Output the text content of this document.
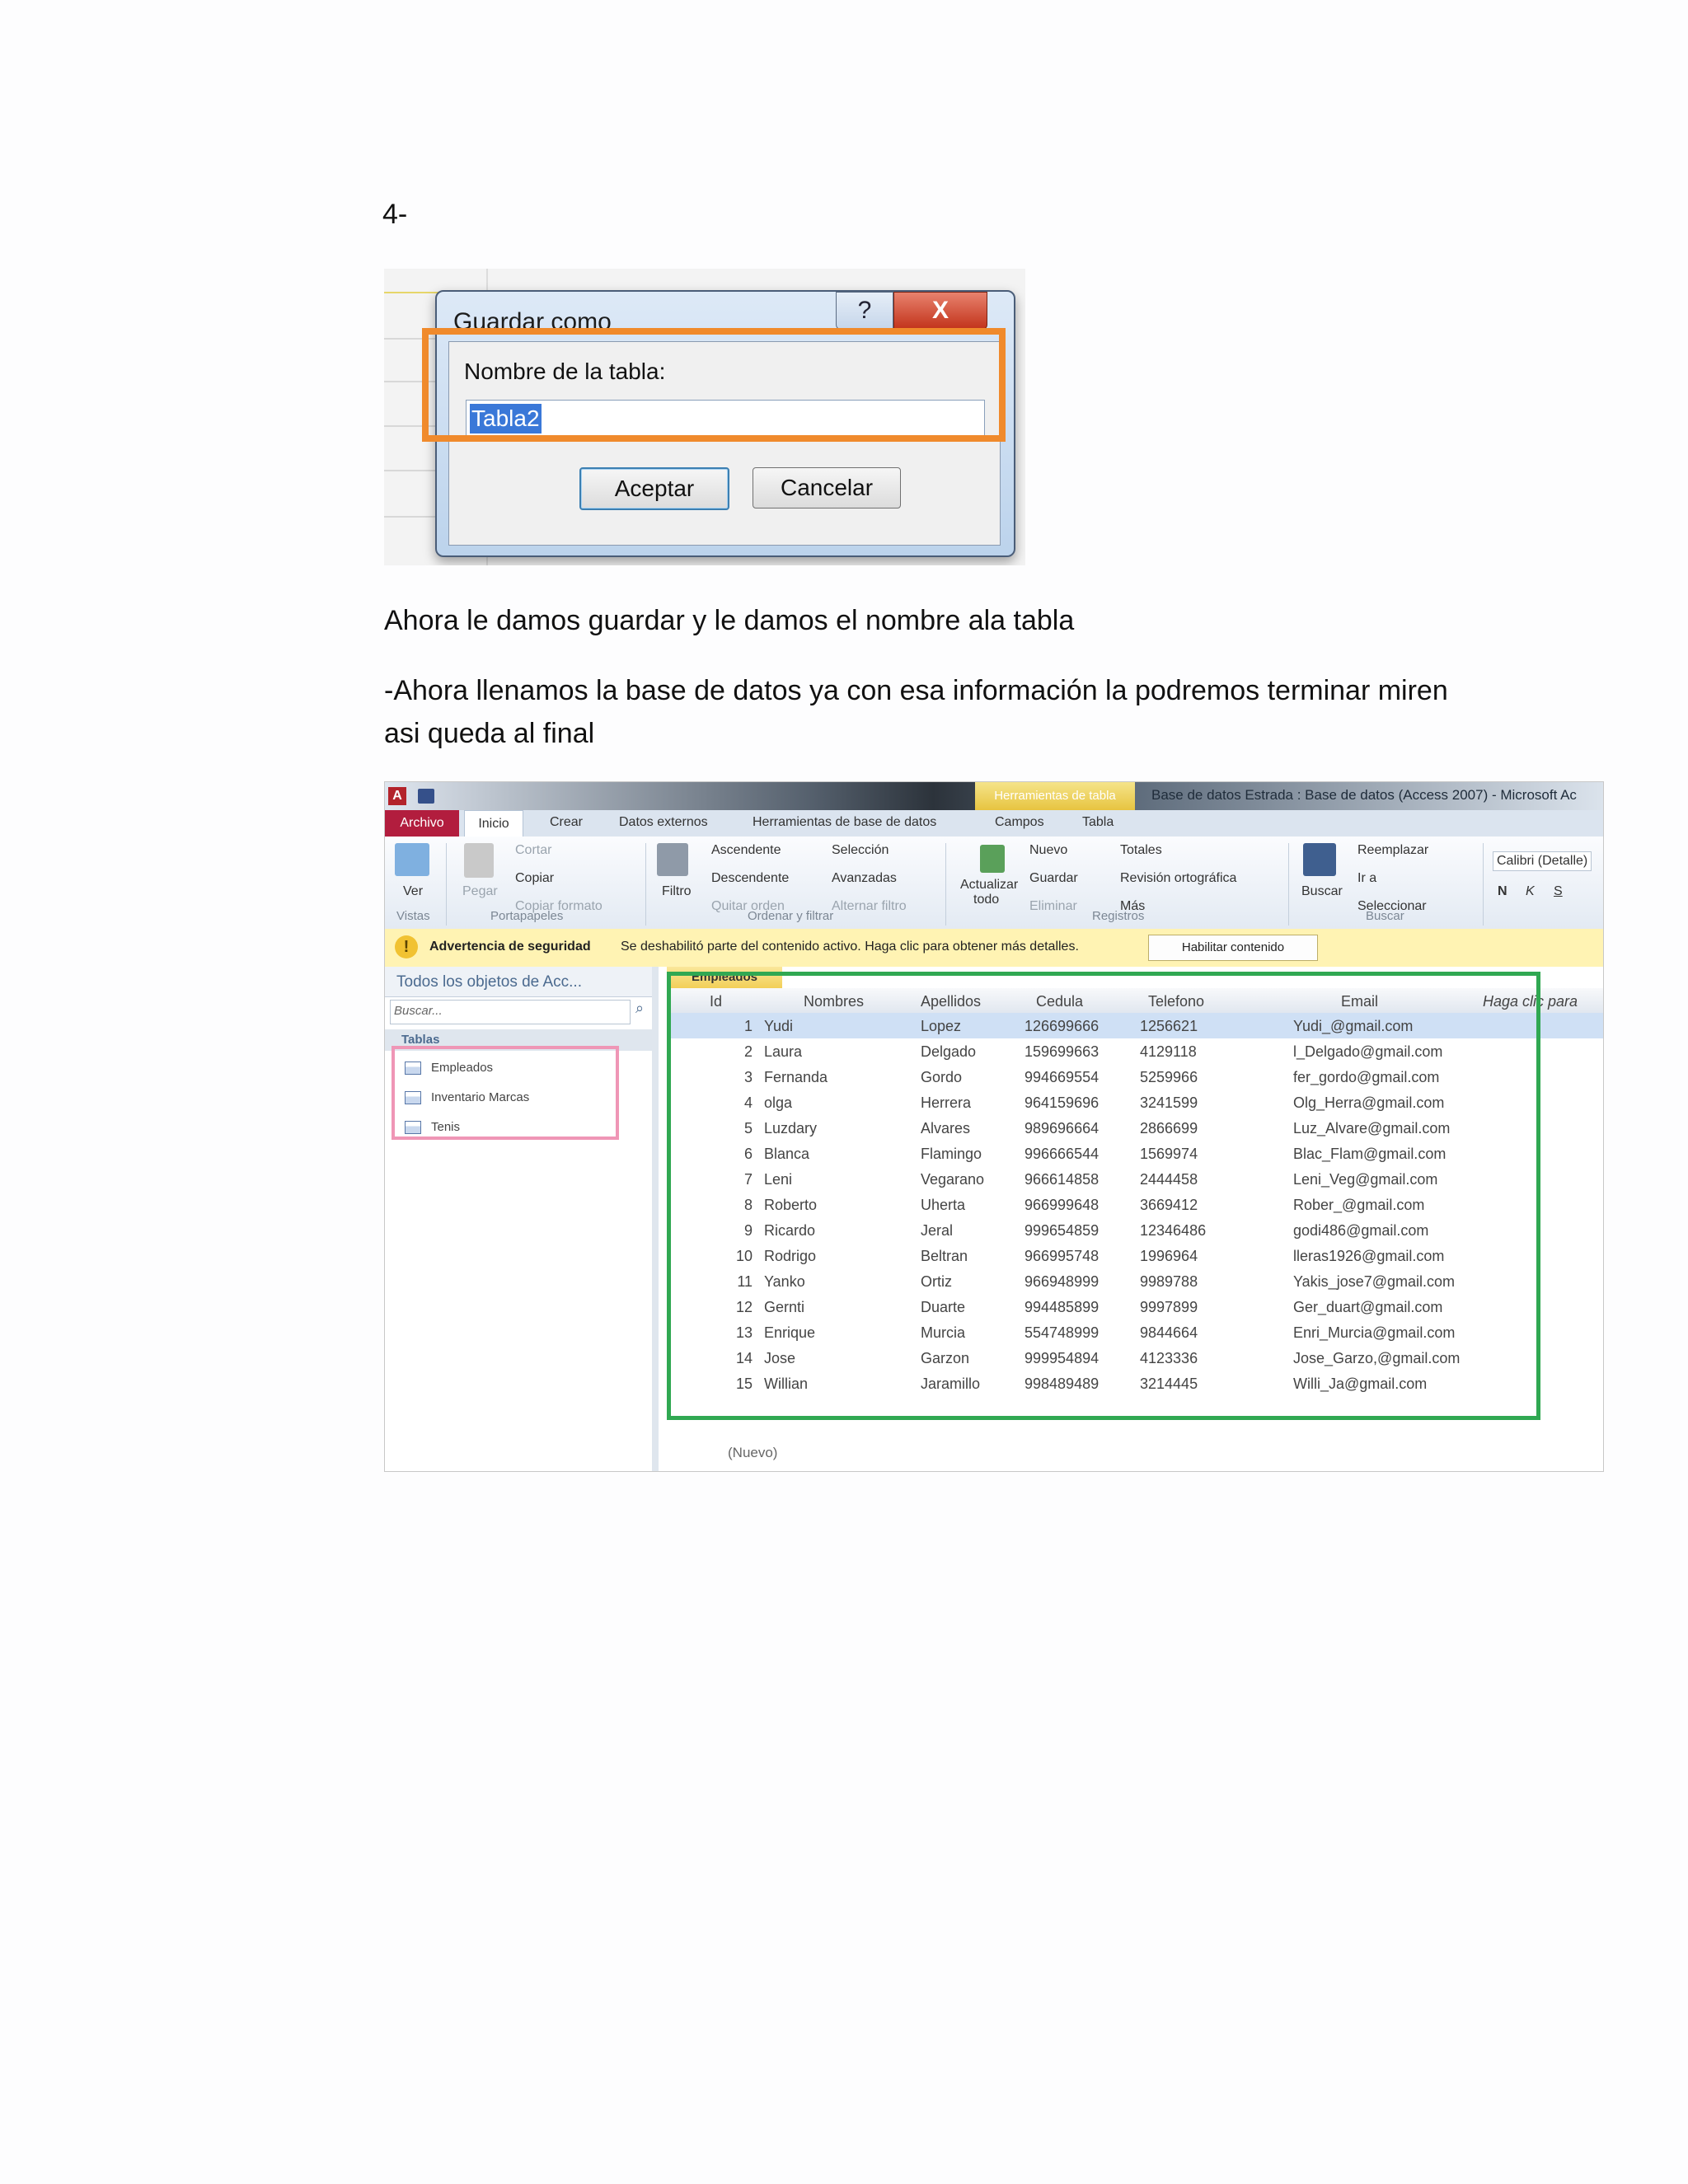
4-
Guardar como	?	X
Nombre de la tabla:
Tabla2
Aceptar	Cancelar
Ahora le damos guardar y le damos el nombre ala tabla
-Ahora llenamos la base de datos ya con esa información la podremos terminar miren
asi queda al final
A	Herramientas de tabla	Base de datos Estrada : Base de datos (Access 2007) - Microsoft Ac
Archivo	Inicio	Crear	Datos externos	Herramientas de base de datos	Campos	Tabla
Ver	Pegar
Cortar
Copiar
Copiar formato
Filtro
Ascendente
Descendente
Quitar orden
Selección
Avanzadas
Alternar filtro
Actualizar
todo
Nuevo
Guardar
Eliminar
Totales
Revisión ortográfica
Más
Buscar
Reemplazar
Ir a
Seleccionar
Calibri (Detalle)
N K S
Vistas	Portapapeles	Ordenar y filtrar	Registros	Buscar
!	Advertencia de seguridad Se deshabilitó parte del contenido activo. Haga clic para obtener más detalles.	Habilitar contenido
Todos los objetos de Acc...
Buscar...	⌕
Tablas
Empleados
Inventario Marcas
Tenis
Empleados
Id	Nombres	Apellidos	Cedula	Telefono	Email	Haga clic para
1 Yudi	Lopez	126699666	1256621	Yudi_@gmail.com
2 Laura	Delgado	159699663	4129118	l_Delgado@gmail.com
3 Fernanda	Gordo	994669554	5259966	fer_gordo@gmail.com
4 olga	Herrera	964159696	3241599	Olg_Herra@gmail.com
5 Luzdary	Alvares	989696664	2866699	Luz_Alvare@gmail.com
6 Blanca	Flamingo	996666544	1569974	Blac_Flam@gmail.com
7 Leni	Vegarano	966614858	2444458	Leni_Veg@gmail.com
8 Roberto	Uherta	966999648	3669412	Rober_@gmail.com
9 Ricardo	Jeral	999654859	12346486	godi486@gmail.com
10 Rodrigo	Beltran	966995748	1996964	lleras1926@gmail.com
11 Yanko	Ortiz	966948999	9989788	Yakis_jose7@gmail.com
12 Gernti	Duarte	994485899	9997899	Ger_duart@gmail.com
13 Enrique	Murcia	554748999	9844664	Enri_Murcia@gmail.com
14 Jose	Garzon	999954894	4123336	Jose_Garzo,@gmail.com
15 Willian	Jaramillo	998489489	3214445	Willi_Ja@gmail.com
(Nuevo)
